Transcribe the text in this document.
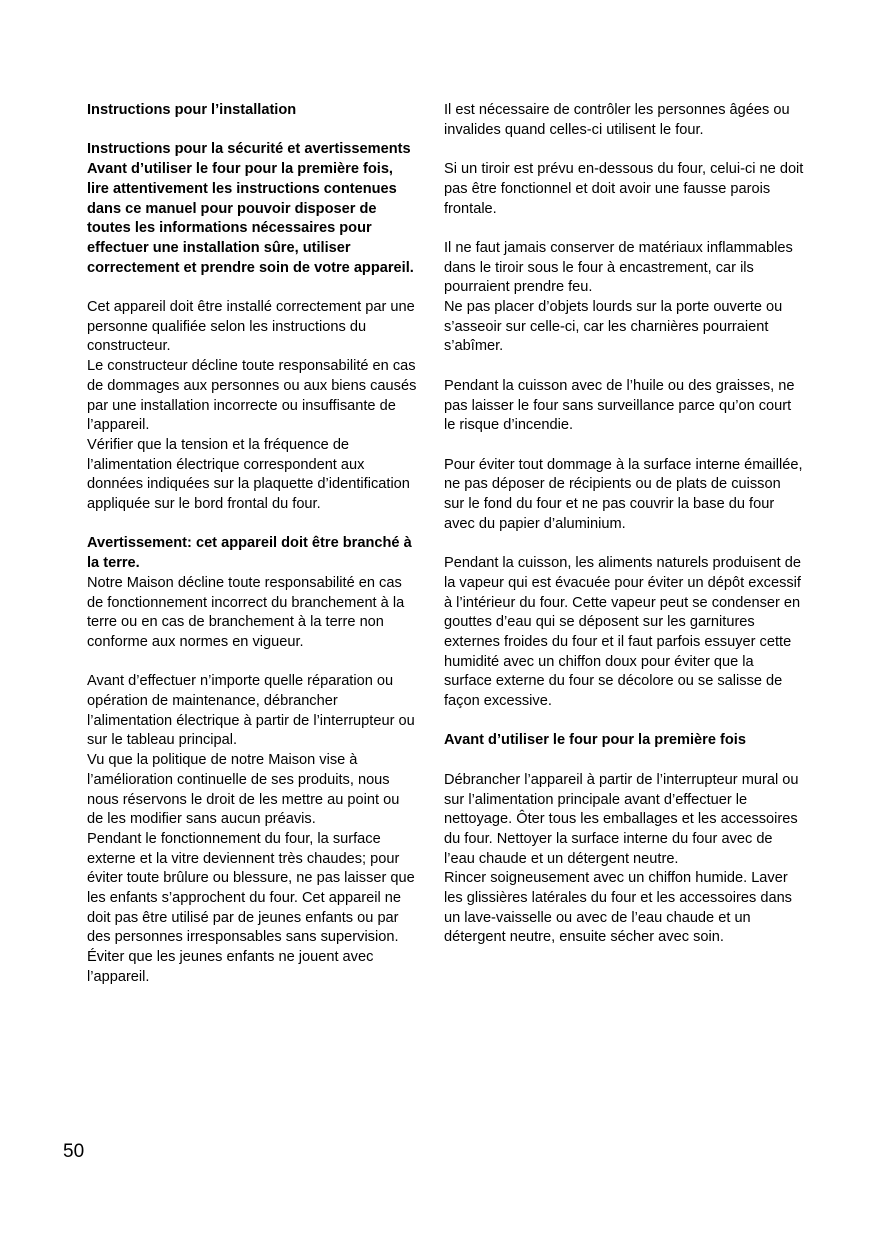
Instructions pour l’installation

Instructions pour la sécurité et avertissements

Avant d’utiliser le four pour la première fois, lire attentivement les instructions contenues dans ce manuel pour pouvoir disposer de toutes les informations nécessaires pour effectuer une installation sûre, utiliser correctement et prendre soin de votre appareil.

Cet appareil doit être installé correctement par une personne qualifiée selon les instructions du constructeur.

Le constructeur décline toute responsabilité en cas de dommages aux personnes ou aux biens causés par une installation incorrecte ou insuffisante de l’appareil.

Vérifier que la tension et la fréquence de l’alimentation électrique correspondent aux données indiquées sur la plaquette d’identification appliquée sur le bord frontal du four.

Avertissement: cet appareil doit être branché à la terre.

Notre Maison décline toute responsabilité en cas de fonctionnement incorrect du branchement à la terre ou en cas de branchement à la terre non conforme aux normes en vigueur.

Avant d’effectuer n’importe quelle réparation ou opération de maintenance, débrancher l’alimentation électrique à partir de l’interrupteur ou sur le tableau principal.

Vu que la politique de notre Maison vise à l’amélioration continuelle de ses produits, nous nous réservons le droit de les mettre au point ou de les modifier sans aucun préavis.

Pendant le fonctionnement du four, la surface externe et la vitre deviennent très chaudes; pour éviter toute brûlure ou blessure, ne pas laisser que les enfants s’approchent du four. Cet appareil ne doit pas être utilisé par de jeunes enfants ou par des personnes irresponsables sans supervision.

Éviter que les jeunes enfants ne jouent avec l’appareil.

Il est nécessaire de contrôler les personnes âgées ou invalides quand celles-ci utilisent le four.

Si un tiroir est prévu en-dessous du four, celui-ci ne doit pas être fonctionnel et doit avoir une fausse parois frontale.

Il ne faut jamais conserver de matériaux inflammables dans le tiroir sous le four à encastrement, car ils pourraient prendre feu.

Ne pas placer d’objets lourds sur la porte ouverte ou s’asseoir sur celle-ci, car les charnières pourraient s’abîmer.

Pendant la cuisson avec de l’huile ou des graisses, ne pas laisser le four sans surveillance parce qu’on court le risque d’incendie.

Pour éviter tout dommage à la surface interne émaillée, ne pas déposer de récipients ou de plats de cuisson sur le fond du four et ne pas couvrir la base du four avec du papier d’aluminium.

Pendant la cuisson, les aliments naturels produisent de la vapeur qui est évacuée pour éviter un dépôt excessif à l’intérieur du four. Cette vapeur peut se condenser en gouttes d’eau qui se déposent sur les garnitures externes froides du four et il faut parfois essuyer cette humidité avec un chiffon doux pour éviter que la surface externe du four se décolore ou se salisse de façon excessive.

Avant d’utiliser le four pour la première fois

Débrancher l’appareil à partir de l’interrupteur mural ou sur l’alimentation principale avant d’effectuer le nettoyage. Ôter tous les emballages et les accessoires du four. Nettoyer la surface interne du four avec de l’eau chaude et un détergent neutre.

Rincer soigneusement avec un chiffon humide. Laver les glissières latérales du four et les accessoires dans un lave-vaisselle ou avec de l’eau chaude et un détergent neutre, ensuite sécher avec soin.

50
